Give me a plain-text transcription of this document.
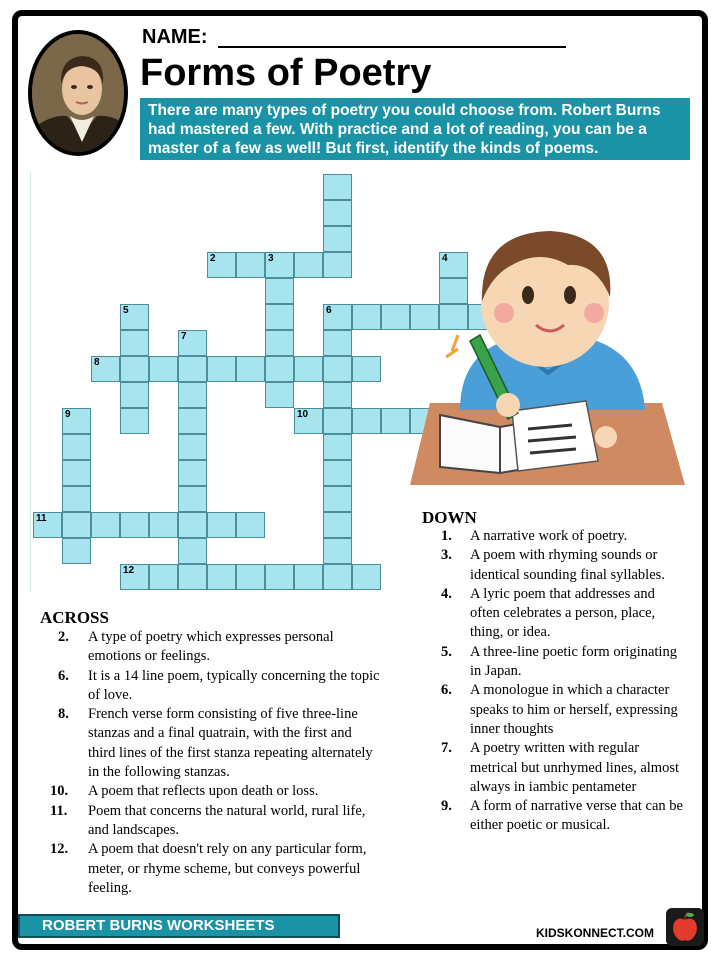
NAME:
Forms of Poetry
There are many types of poetry you could choose from. Robert Burns had mastered a few. With practice and a lot of reading, you can be a master of a few as well! But first, identify the kinds of poems.
2	3	4
5	6
7
8
9	10
11
12
ACROSS
2. A type of poetry which expresses personal emotions or feelings.
6. It is a 14 line poem, typically concerning the topic of love.
8. French verse form consisting of five three-line stanzas and a final quatrain, with the first and third lines of the first stanza repeating alternately in the following stanzas.
10. A poem that reflects upon death or loss.
11. Poem that concerns the natural world, rural life, and landscapes.
12. A poem that doesn't rely on any particular form, meter, or rhyme scheme, but conveys powerful feeling.
DOWN
1. A narrative work of poetry.
3. A poem with rhyming sounds or identical sounding final syllables.
4. A lyric poem that addresses and often celebrates a person, place, thing, or idea.
5. A three-line poetic form originating in Japan.
6. A monologue in which a character speaks to him or herself, expressing inner thoughts
7. A poetry written with regular metrical but unrhymed lines, almost always in iambic pentameter
9. A form of narrative verse that can be either poetic or musical.
ROBERT BURNS WORKSHEETS	KIDSKONNECT.COM
